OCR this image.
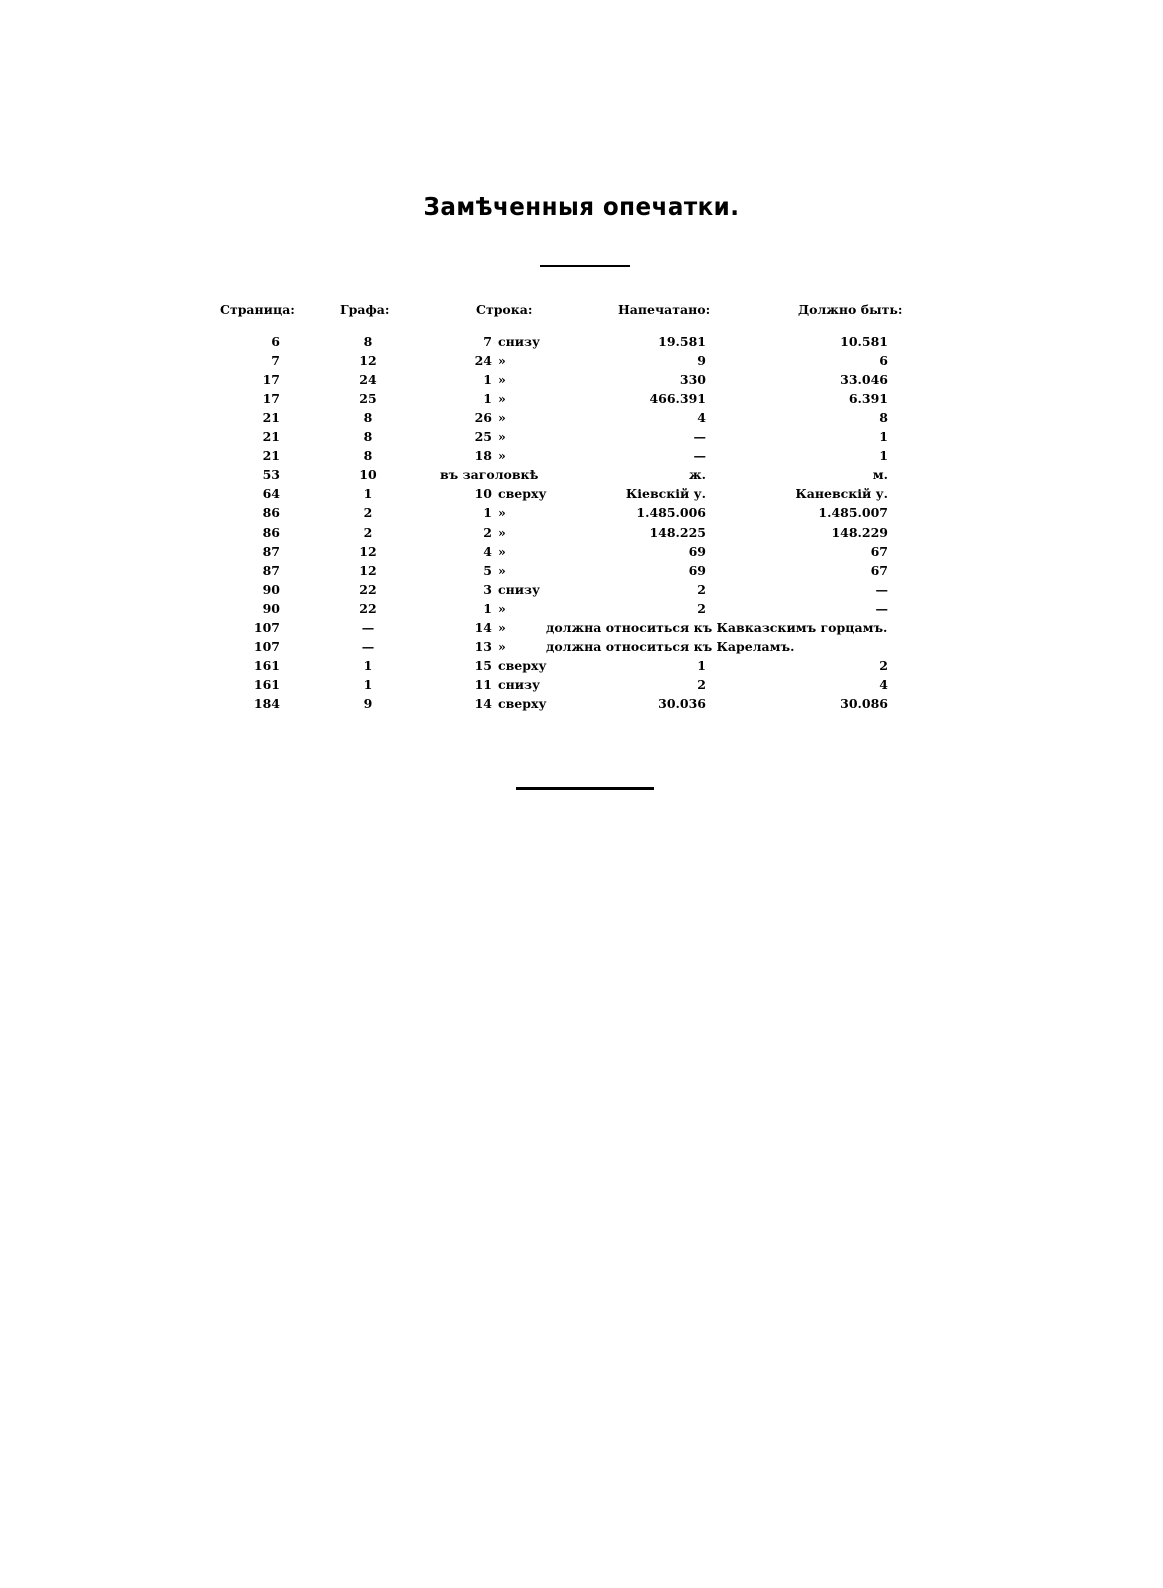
Замѣченныя опечатки.
Страница:	Графа:	Строка:	Напечатано:	Должно быть:
6	8	7 снизу	19.581	10.581
7	12	24 »	9	6
17	24	1 »	330	33.046
17	25	1 »	466.391	6.391
21	8	26 »	4	8
21	8	25 »	—	1
21	8	18 »	—	1
53	10	въ заголовкѣ	ж.	м.
64	1	10 сверху	Кіевскій у.	Каневскій у.
86	2	1 »	1.485.006	1.485.007
86	2	2 »	148.225	148.229
87	12	4 »	69	67
87	12	5 »	69	67
90	22	3 снизу	2	—
90	22	1 »	2	—
107	—	14 »	должна относиться къ Кавказскимъ горцамъ.
107	—	13 »	должна относиться къ Кареламъ.
161	1	15 сверху	1	2
161	1	11 снизу	2	4
184	9	14 сверху	30.036	30.086
